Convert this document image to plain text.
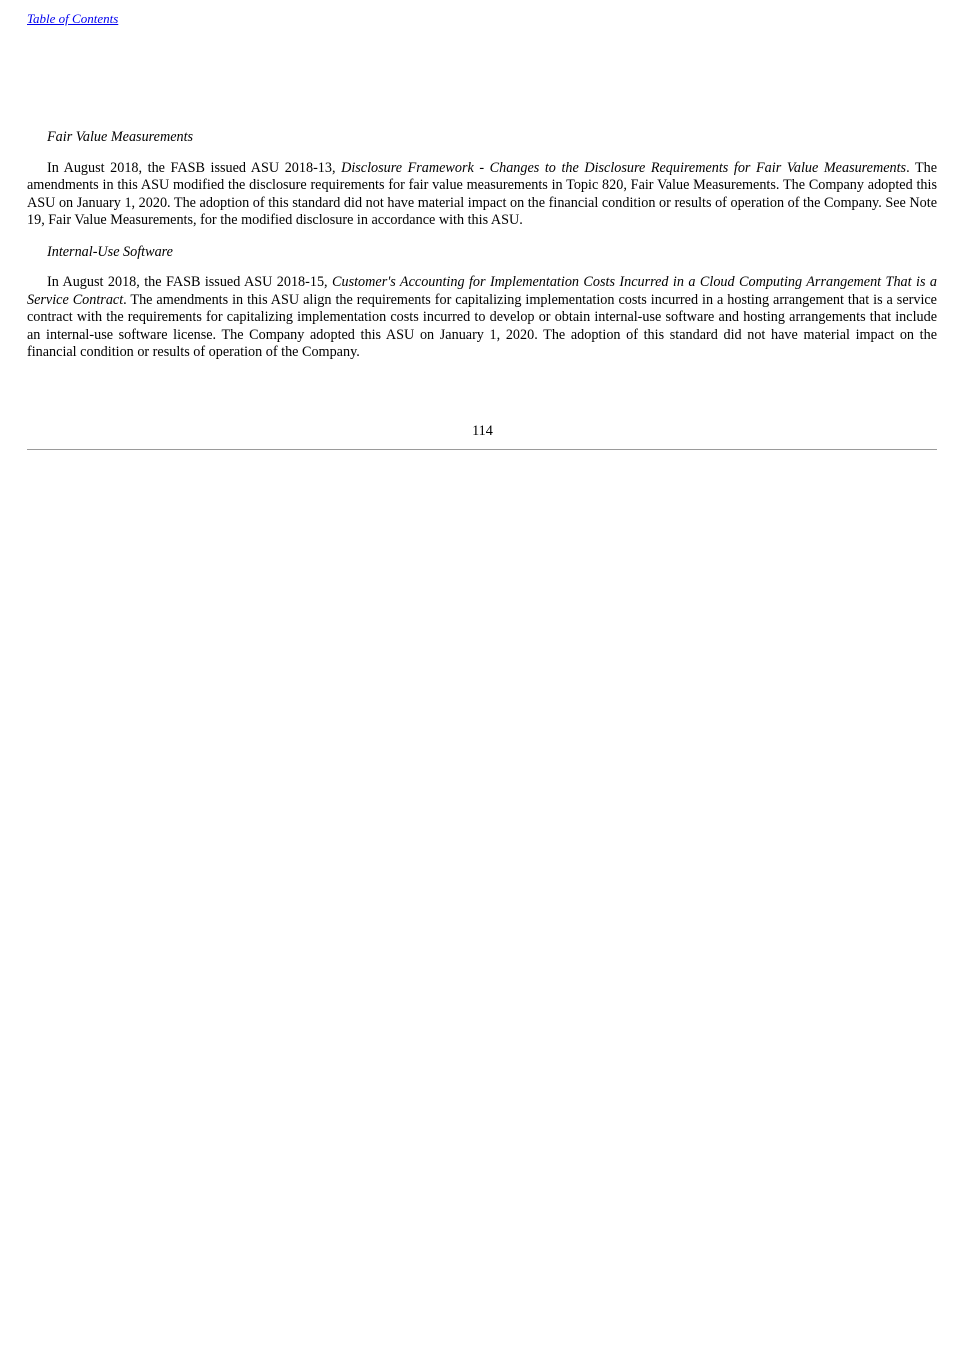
Table of Contents
Fair Value Measurements

In August 2018, the FASB issued ASU 2018-13, Disclosure Framework - Changes to the Disclosure Requirements for Fair Value Measurements. The amendments in this ASU modified the disclosure requirements for fair value measurements in Topic 820, Fair Value Measurements. The Company adopted this ASU on January 1, 2020. The adoption of this standard did not have material impact on the financial condition or results of operation of the Company. See Note 19, Fair Value Measurements, for the modified disclosure in accordance with this ASU.

Internal-Use Software

In August 2018, the FASB issued ASU 2018-15, Customer's Accounting for Implementation Costs Incurred in a Cloud Computing Arrangement That is a Service Contract. The amendments in this ASU align the requirements for capitalizing implementation costs incurred in a hosting arrangement that is a service contract with the requirements for capitalizing implementation costs incurred to develop or obtain internal-use software and hosting arrangements that include an internal-use software license. The Company adopted this ASU on January 1, 2020. The adoption of this standard did not have material impact on the financial condition or results of operation of the Company.

114
